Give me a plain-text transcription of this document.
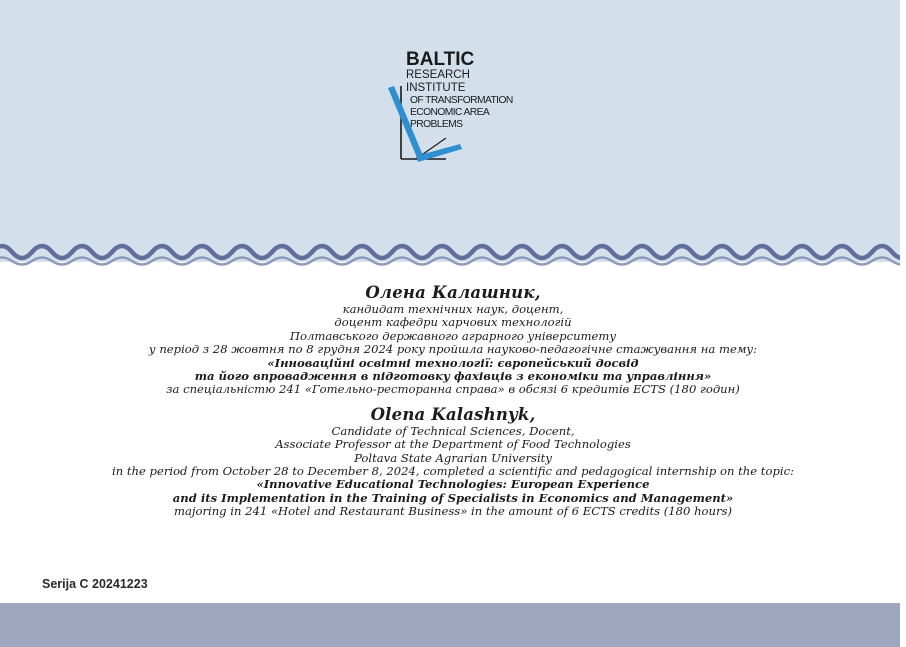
BALTIC
RESEARCH
INSTITUTE
OF TRANSFORMATION
ECONOMIC AREA
PROBLEMS
Олена Калашник,
кандидат технічних наук, доцент,
доцент кафедри харчових технологій
Полтавського державного аграрного університету
у період з 28 жовтня по 8 грудня 2024 року пройшла науково-педагогічне стажування на тему:
«Інноваційні освітні технології: європейський досвід
та його впровадження в підготовку фахівців з економіки та управління»
за спеціальністю 241 «Готельно-ресторанна справа» в обсязі 6 кредитів ECTS (180 годин)
Olena Kalashnyk,
Candidate of Technical Sciences, Docent,
Associate Professor at the Department of Food Technologies
Poltava State Agrarian University
in the period from October 28 to December 8, 2024, completed a scientific and pedagogical internship on the topic:
«Innovative Educational Technologies: European Experience
and its Implementation in the Training of Specialists in Economics and Management»
majoring in 241 «Hotel and Restaurant Business» in the amount of 6 ECTS credits (180 hours)
Serija C 20241223
